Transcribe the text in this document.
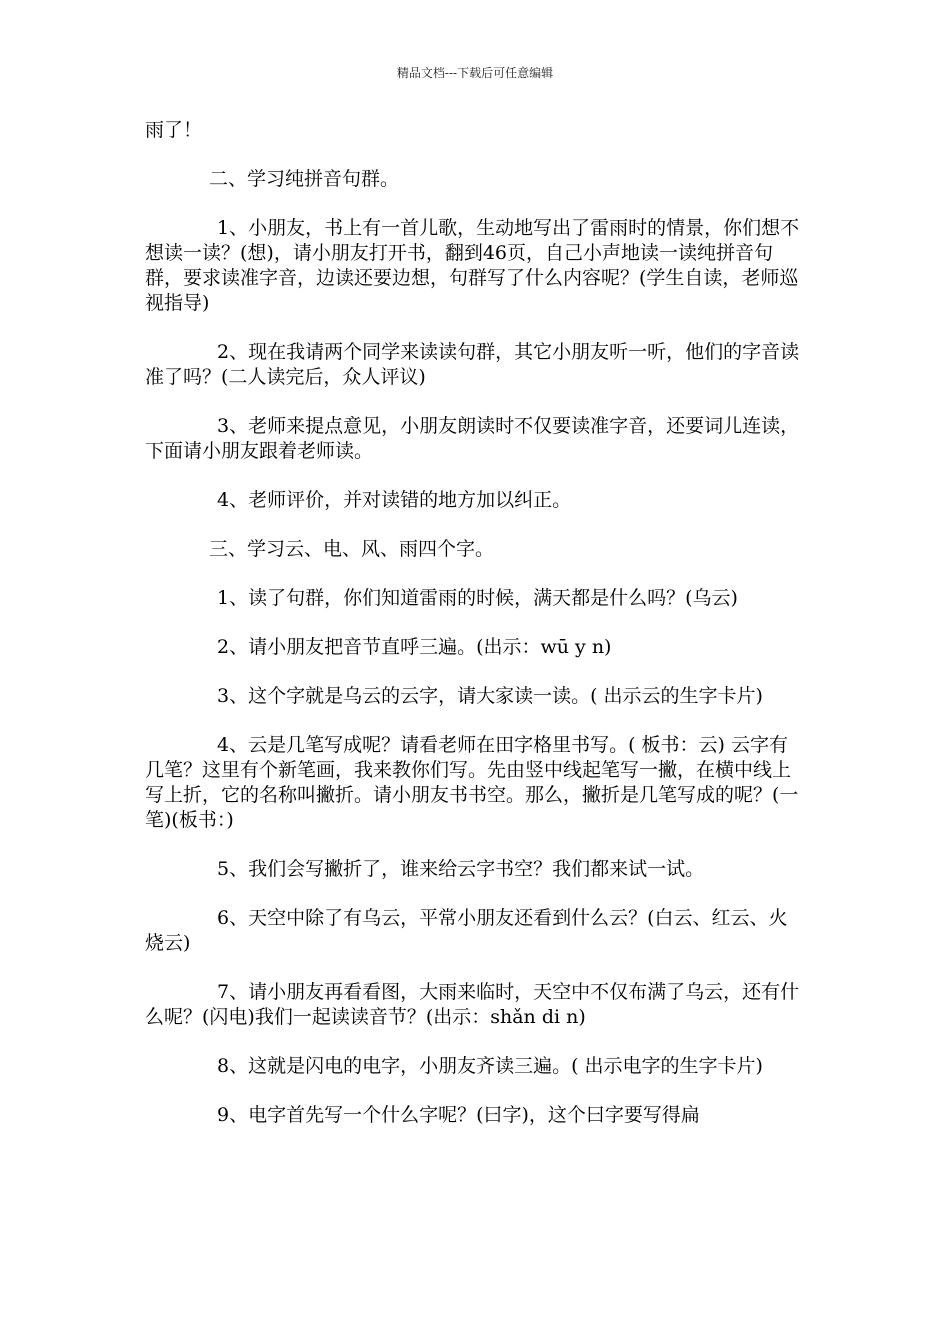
精品文档---下载后可任意编辑

雨了！

二、学习纯拼音句群。

1、小朋友，书上有一首儿歌，生动地写出了雷雨时的情景，你们想不想读一读？(想)，请小朋友打开书，翻到46页，自己小声地读一读纯拼音句群，要求读准字音，边读还要边想，句群写了什么内容呢？(学生自读，老师巡视指导)

2、现在我请两个同学来读读句群，其它小朋友听一听，他们的字音读准了吗？(二人读完后，众人评议)

3、老师来提点意见，小朋友朗读时不仅要读准字音，还要词儿连读，下面请小朋友跟着老师读。

4、老师评价，并对读错的地方加以纠正。

三、学习云、电、风、雨四个字。

1、读了句群，你们知道雷雨的时候，满天都是什么吗？(乌云)

2、请小朋友把音节直呼三遍。(出示：wū y n)

3、这个字就是乌云的云字，请大家读一读。( 出示云的生字卡片)

4、云是几笔写成呢？请看老师在田字格里书写。( 板书：云) 云字有几笔？这里有个新笔画，我来教你们写。先由竖中线起笔写一撇，在横中线上写上折，它的名称叫撇折。请小朋友书书空。那么，撇折是几笔写成的呢？(一笔)(板书：)

5、我们会写撇折了，谁来给云字书空？我们都来试一试。

6、天空中除了有乌云，平常小朋友还看到什么云？(白云、红云、火烧云)

7、请小朋友再看看图，大雨来临时，天空中不仅布满了乌云，还有什么呢？(闪电)我们一起读读音节？(出示：shǎn di n)

8、这就是闪电的电字，小朋友齐读三遍。( 出示电字的生字卡片)

9、电字首先写一个什么字呢？(曰字)，这个曰字要写得扁
